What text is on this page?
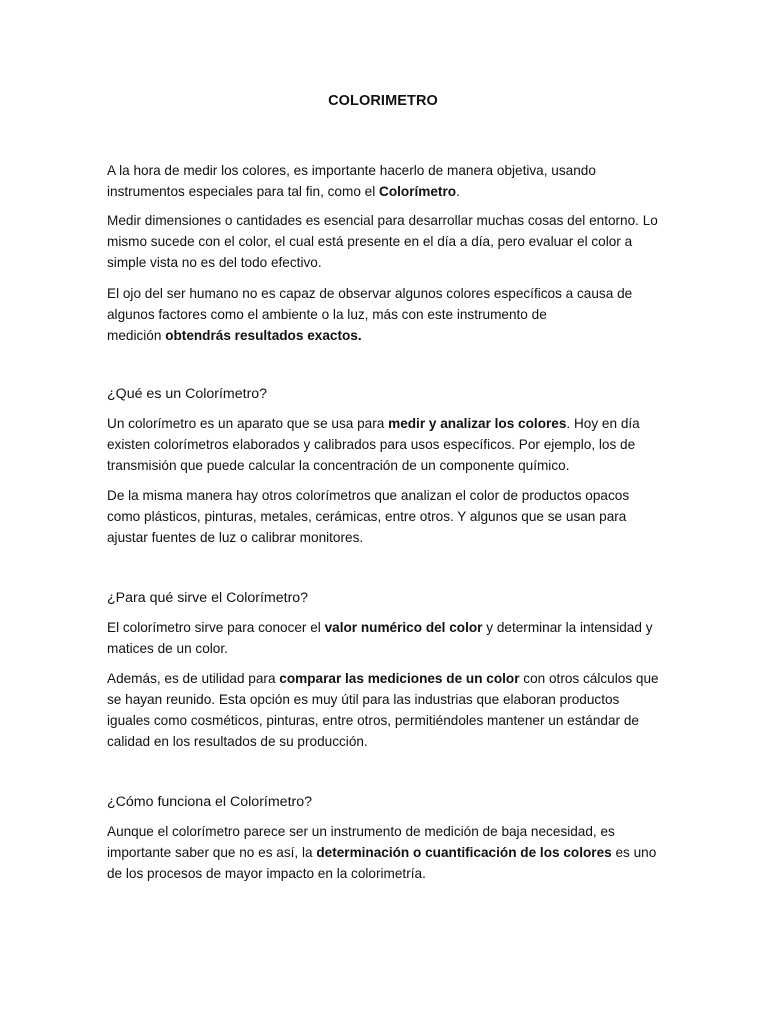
COLORIMETRO

A la hora de medir los colores, es importante hacerlo de manera objetiva, usando
instrumentos especiales para tal fin, como el Colorímetro.

Medir dimensiones o cantidades es esencial para desarrollar muchas cosas del entorno. Lo
mismo sucede con el color, el cual está presente en el día a día, pero evaluar el color a
simple vista no es del todo efectivo.

El ojo del ser humano no es capaz de observar algunos colores específicos a causa de
algunos factores como el ambiente o la luz, más con este instrumento de
medición obtendrás resultados exactos.

¿Qué es un Colorímetro?

Un colorímetro es un aparato que se usa para medir y analizar los colores. Hoy en día
existen colorímetros elaborados y calibrados para usos específicos. Por ejemplo, los de
transmisión que puede calcular la concentración de un componente químico.

De la misma manera hay otros colorímetros que analizan el color de productos opacos
como plásticos, pinturas, metales, cerámicas, entre otros. Y algunos que se usan para
ajustar fuentes de luz o calibrar monitores.

¿Para qué sirve el Colorímetro?

El colorímetro sirve para conocer el valor numérico del color y determinar la intensidad y
matices de un color.

Además, es de utilidad para comparar las mediciones de un color con otros cálculos que
se hayan reunido. Esta opción es muy útil para las industrias que elaboran productos
iguales como cosméticos, pinturas, entre otros, permitiéndoles mantener un estándar de
calidad en los resultados de su producción.

¿Cómo funciona el Colorímetro?

Aunque el colorímetro parece ser un instrumento de medición de baja necesidad, es
importante saber que no es así, la determinación o cuantificación de los colores es uno
de los procesos de mayor impacto en la colorimetría.
